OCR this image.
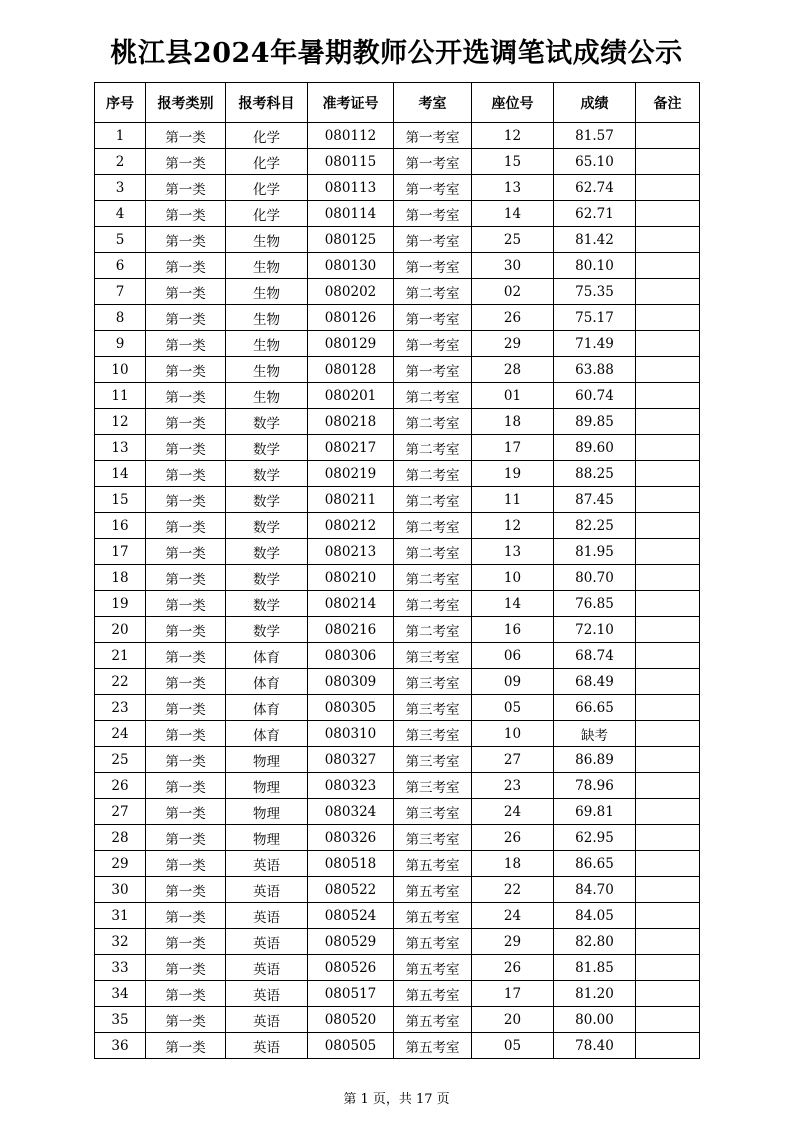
桃江县2024年暑期教师公开选调笔试成绩公示
序号	报考类别	报考科目	准考证号	考室	座位号	成绩	备注
1	第一类	化学	080112	第一考室	12	81.57	
2	第一类	化学	080115	第一考室	15	65.10	
3	第一类	化学	080113	第一考室	13	62.74	
4	第一类	化学	080114	第一考室	14	62.71	
5	第一类	生物	080125	第一考室	25	81.42	
6	第一类	生物	080130	第一考室	30	80.10	
7	第一类	生物	080202	第二考室	02	75.35	
8	第一类	生物	080126	第一考室	26	75.17	
9	第一类	生物	080129	第一考室	29	71.49	
10	第一类	生物	080128	第一考室	28	63.88	
11	第一类	生物	080201	第二考室	01	60.74	
12	第一类	数学	080218	第二考室	18	89.85	
13	第一类	数学	080217	第二考室	17	89.60	
14	第一类	数学	080219	第二考室	19	88.25	
15	第一类	数学	080211	第二考室	11	87.45	
16	第一类	数学	080212	第二考室	12	82.25	
17	第一类	数学	080213	第二考室	13	81.95	
18	第一类	数学	080210	第二考室	10	80.70	
19	第一类	数学	080214	第二考室	14	76.85	
20	第一类	数学	080216	第二考室	16	72.10	
21	第一类	体育	080306	第三考室	06	68.74	
22	第一类	体育	080309	第三考室	09	68.49	
23	第一类	体育	080305	第三考室	05	66.65	
24	第一类	体育	080310	第三考室	10	缺考	
25	第一类	物理	080327	第三考室	27	86.89	
26	第一类	物理	080323	第三考室	23	78.96	
27	第一类	物理	080324	第三考室	24	69.81	
28	第一类	物理	080326	第三考室	26	62.95	
29	第一类	英语	080518	第五考室	18	86.65	
30	第一类	英语	080522	第五考室	22	84.70	
31	第一类	英语	080524	第五考室	24	84.05	
32	第一类	英语	080529	第五考室	29	82.80	
33	第一类	英语	080526	第五考室	26	81.85	
34	第一类	英语	080517	第五考室	17	81.20	
35	第一类	英语	080520	第五考室	20	80.00	
36	第一类	英语	080505	第五考室	05	78.40	
第 1 页，共 17 页
